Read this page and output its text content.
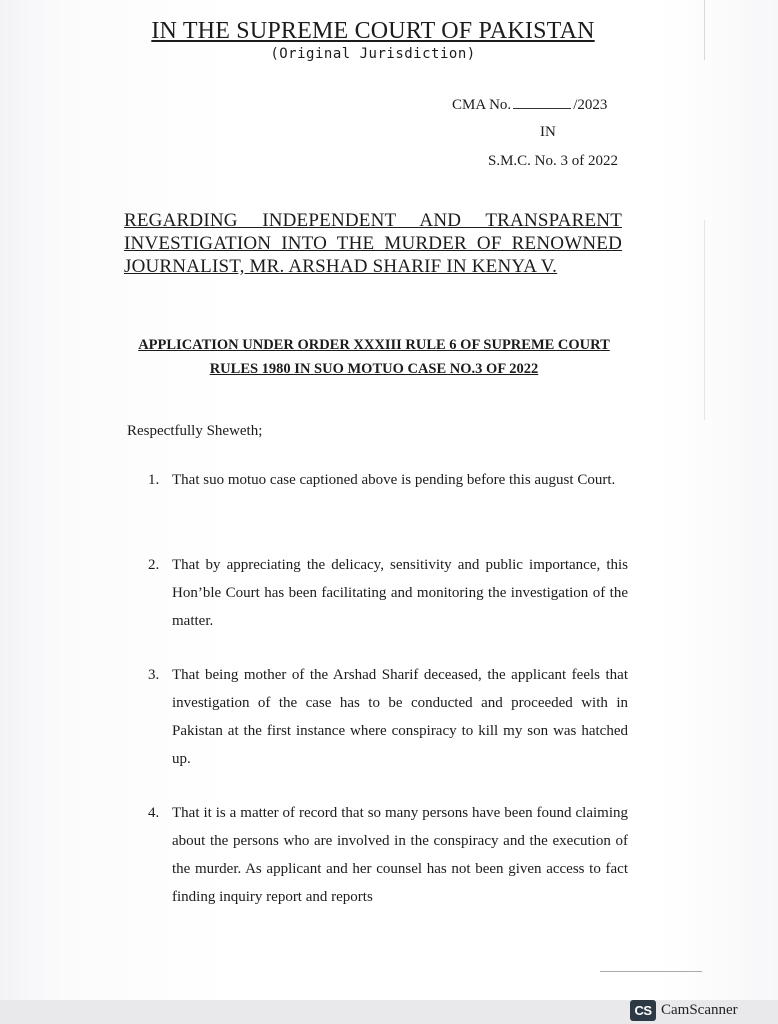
IN THE SUPREME COURT OF PAKISTAN
(Original Jurisdiction)
CMA No.	/2023
IN
S.M.C. No. 3 of 2022
REGARDING INDEPENDENT AND TRANSPARENT INVESTIGATION INTO THE MURDER OF RENOWNED JOURNALIST, MR. ARSHAD SHARIF IN KENYA V.
APPLICATION UNDER ORDER XXXIII RULE 6 OF SUPREME COURT
RULES 1980 IN SUO MOTUO CASE NO.3 OF 2022
Respectfully Sheweth;
1. That suo motuo case captioned above is pending before this august Court.
2. That by appreciating the delicacy, sensitivity and public importance, this Hon’ble Court has been facilitating and monitoring the investigation of the matter.
3. That being mother of the Arshad Sharif deceased, the applicant feels that investigation of the case has to be conducted and proceeded with in Pakistan at the first instance where conspiracy to kill my son was hatched up.
4. That it is a matter of record that so many persons have been found claiming about the persons who are involved in the conspiracy and the execution of the murder. As applicant and her counsel has not been given access to fact finding inquiry report and reports
CS CamScanner
